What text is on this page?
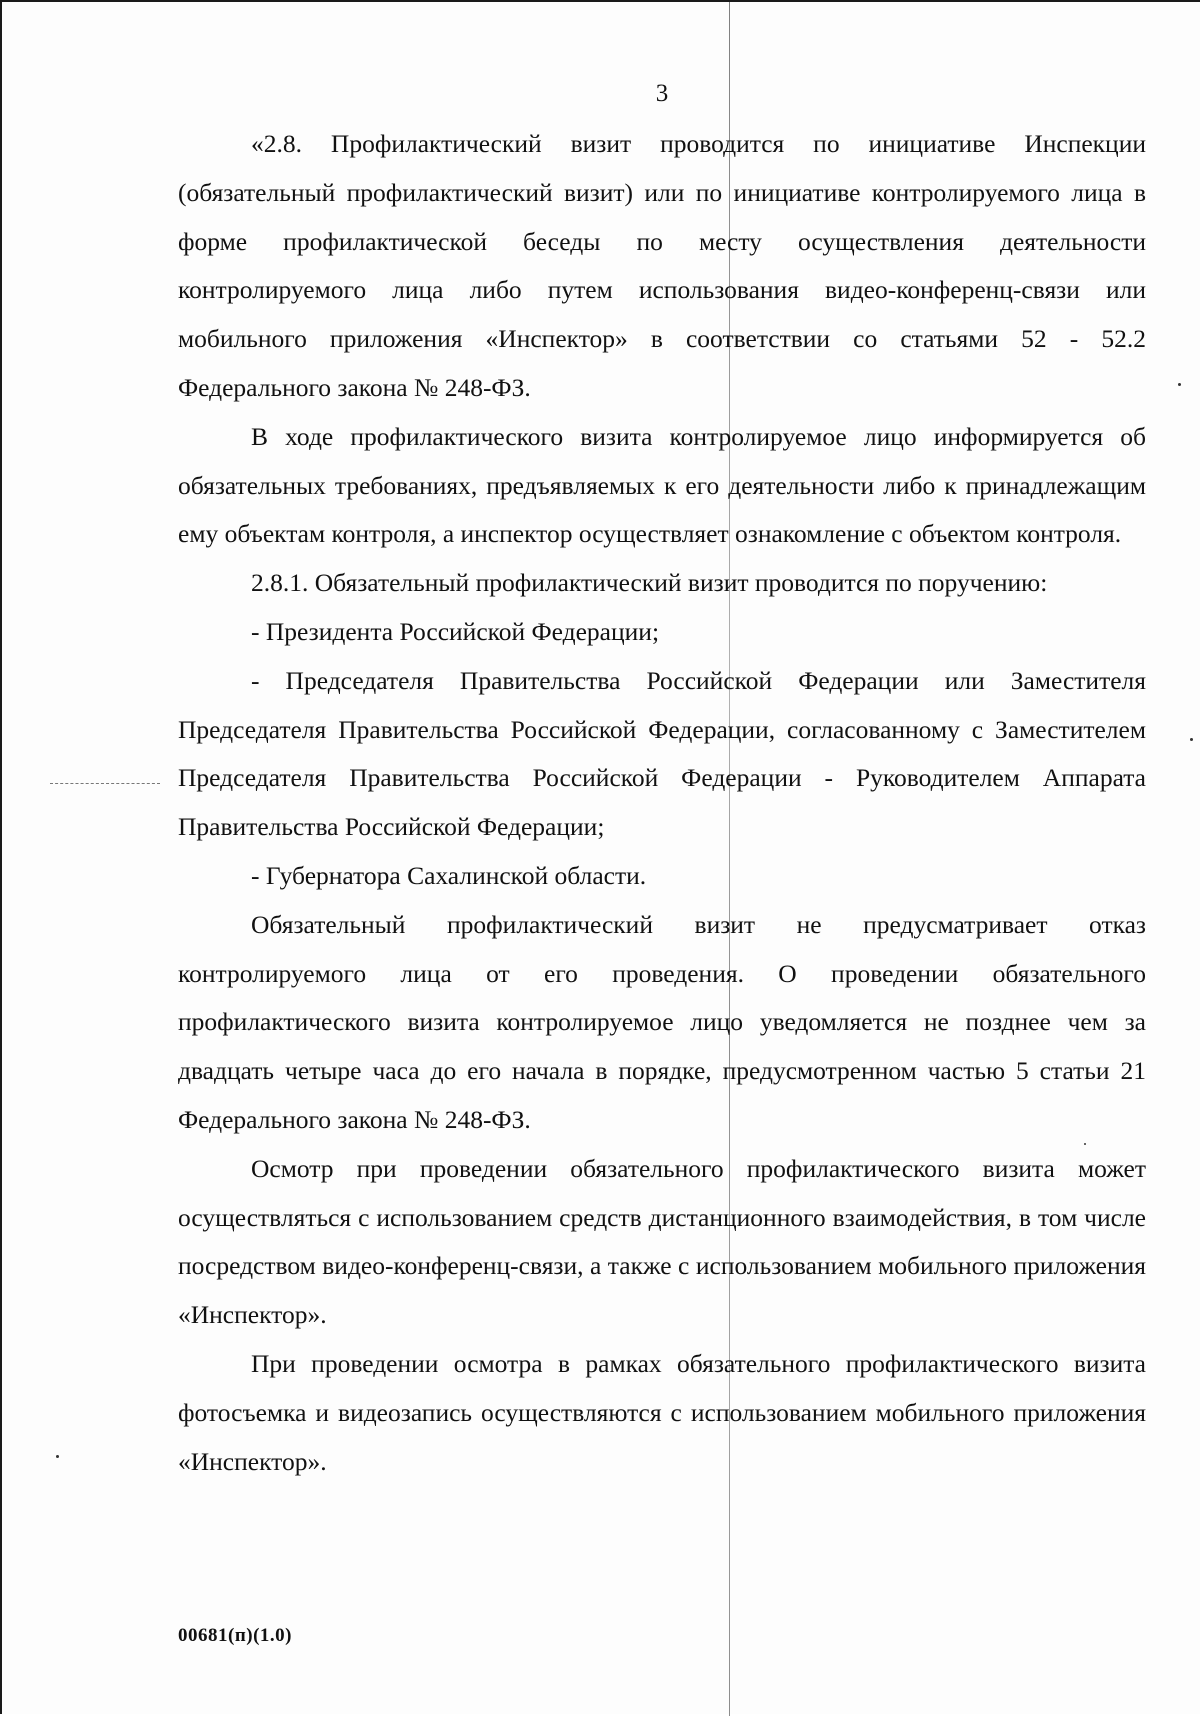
3

«2.8. Профилактический визит проводится по инициативе Инспекции (обязательный профилактический визит) или по инициативе контролируемого лица в форме профилактической беседы по месту осуществления деятельности контролируемого лица либо путем использования видео-конференц-связи или мобильного приложения «Инспектор» в соответствии со статьями 52 - 52.2 Федерального закона № 248-ФЗ.

В ходе профилактического визита контролируемое лицо информируется об обязательных требованиях, предъявляемых к его деятельности либо к принадлежащим ему объектам контроля, а инспектор осуществляет ознакомление с объектом контроля.

2.8.1. Обязательный профилактический визит проводится по поручению:

- Президента Российской Федерации;

- Председателя Правительства Российской Федерации или Заместителя Председателя Правительства Российской Федерации, согласованному с Заместителем Председателя Правительства Российской Федерации - Руководителем Аппарата Правительства Российской Федерации;

- Губернатора Сахалинской области.

Обязательный профилактический визит не предусматривает отказ контролируемого лица от его проведения. О проведении обязательного профилактического визита контролируемое лицо уведомляется не позднее чем за двадцать четыре часа до его начала в порядке, предусмотренном частью 5 статьи 21 Федерального закона № 248-ФЗ.

Осмотр при проведении обязательного профилактического визита может осуществляться с использованием средств дистанционного взаимодействия, в том числе посредством видео-конференц-связи, а также с использованием мобильного приложения «Инспектор».

При проведении осмотра в рамках обязательного профилактического визита фотосъемка и видеозапись осуществляются с использованием мобильного приложения «Инспектор».

00681(п)(1.0)
